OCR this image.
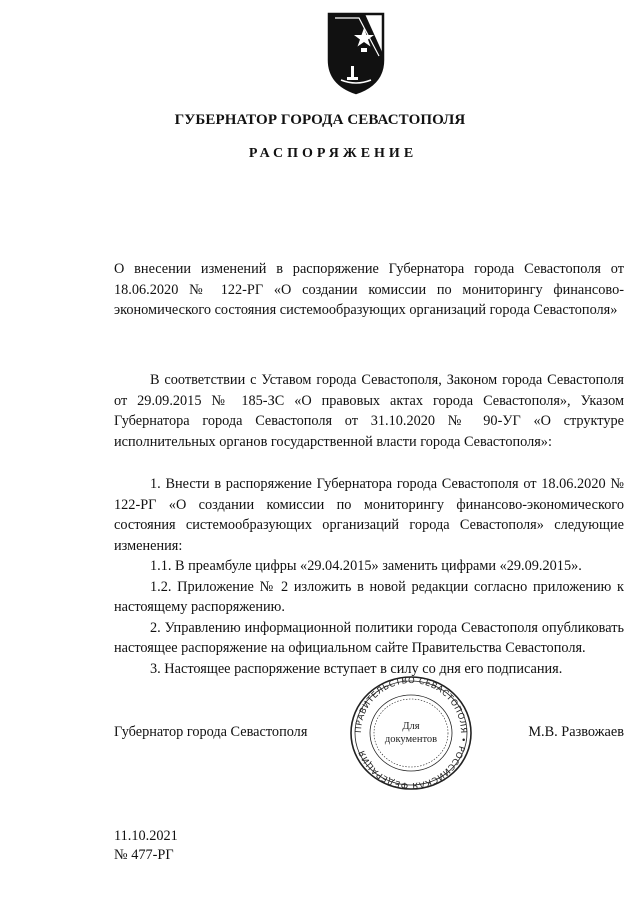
ГУБЕРНАТОР ГОРОДА СЕВАСТОПОЛЯ
РАСПОРЯЖЕНИЕ

О внесении изменений в распоряжение Губернатора города Севастополя от 18.06.2020 № 122-РГ «О создании комиссии по мониторингу финансово-экономического состояния системообразующих организаций города Севастополя»

В соответствии с Уставом города Севастополя, Законом города Севастополя от 29.09.2015 № 185-ЗС «О правовых актах города Севастополя», Указом Губернатора города Севастополя от 31.10.2020 № 90-УГ «О структуре исполнительных органов государственной власти города Севастополя»:

1. Внести в распоряжение Губернатора города Севастополя от 18.06.2020 № 122-РГ «О создании комиссии по мониторингу финансово-экономического состояния системообразующих организаций города Севастополя» следующие изменения:

1.1. В преамбуле цифры «29.04.2015» заменить цифрами «29.09.2015».

1.2. Приложение № 2 изложить в новой редакции согласно приложению к настоящему распоряжению.

2. Управлению информационной политики города Севастополя опубликовать настоящее распоряжение на официальном сайте Правительства Севастополя.

3. Настоящее распоряжение вступает в силу со дня его подписания.

Губернатор города Севастополя	М.В. Развожаев
ПРАВИТЕЛЬСТВО СЕВАСТОПОЛЯ • РОССИЙСКАЯ ФЕДЕРАЦИЯ
Для
документов
11.10.2021
№ 477-РГ
